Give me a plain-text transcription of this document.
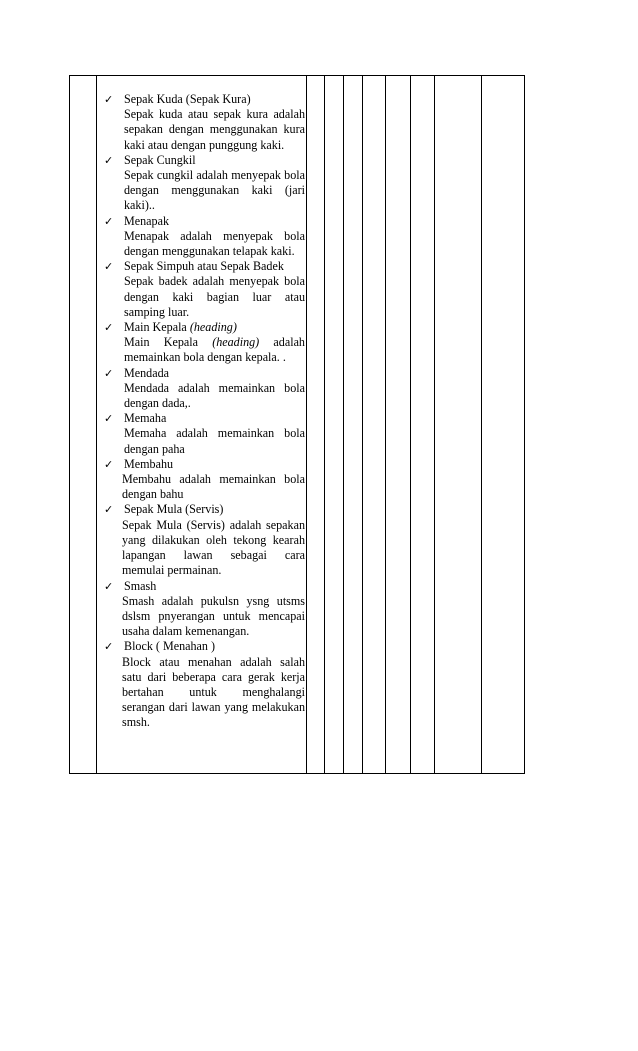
✓ Sepak Kuda (Sepak Kura)
Sepak kuda atau sepak kura adalah sepakan dengan menggunakan kura kaki atau dengan punggung kaki.
✓ Sepak Cungkil
Sepak cungkil adalah menyepak bola dengan menggunakan kaki (jari kaki)..
✓ Menapak
Menapak adalah menyepak bola dengan menggunakan telapak kaki.
✓ Sepak Simpuh atau Sepak Badek
Sepak badek adalah menyepak bola dengan kaki bagian luar atau samping luar.
✓ Main Kepala (heading)
Main Kepala (heading) adalah memainkan bola dengan kepala. .
✓ Mendada
Mendada adalah memainkan bola dengan dada,.
✓ Memaha
Memaha adalah memainkan bola dengan paha
✓ Membahu
Membahu adalah memainkan bola dengan bahu
✓ Sepak Mula (Servis)
Sepak Mula (Servis) adalah sepakan yang dilakukan oleh tekong kearah lapangan lawan sebagai cara memulai permainan.
✓ Smash
Smash adalah pukulsn ysng utsms dslsm pnyerangan untuk mencapai usaha dalam kemenangan.
✓ Block ( Menahan )
Block atau menahan adalah salah satu dari beberapa cara gerak kerja bertahan untuk menghalangi serangan dari lawan yang melakukan smsh.
